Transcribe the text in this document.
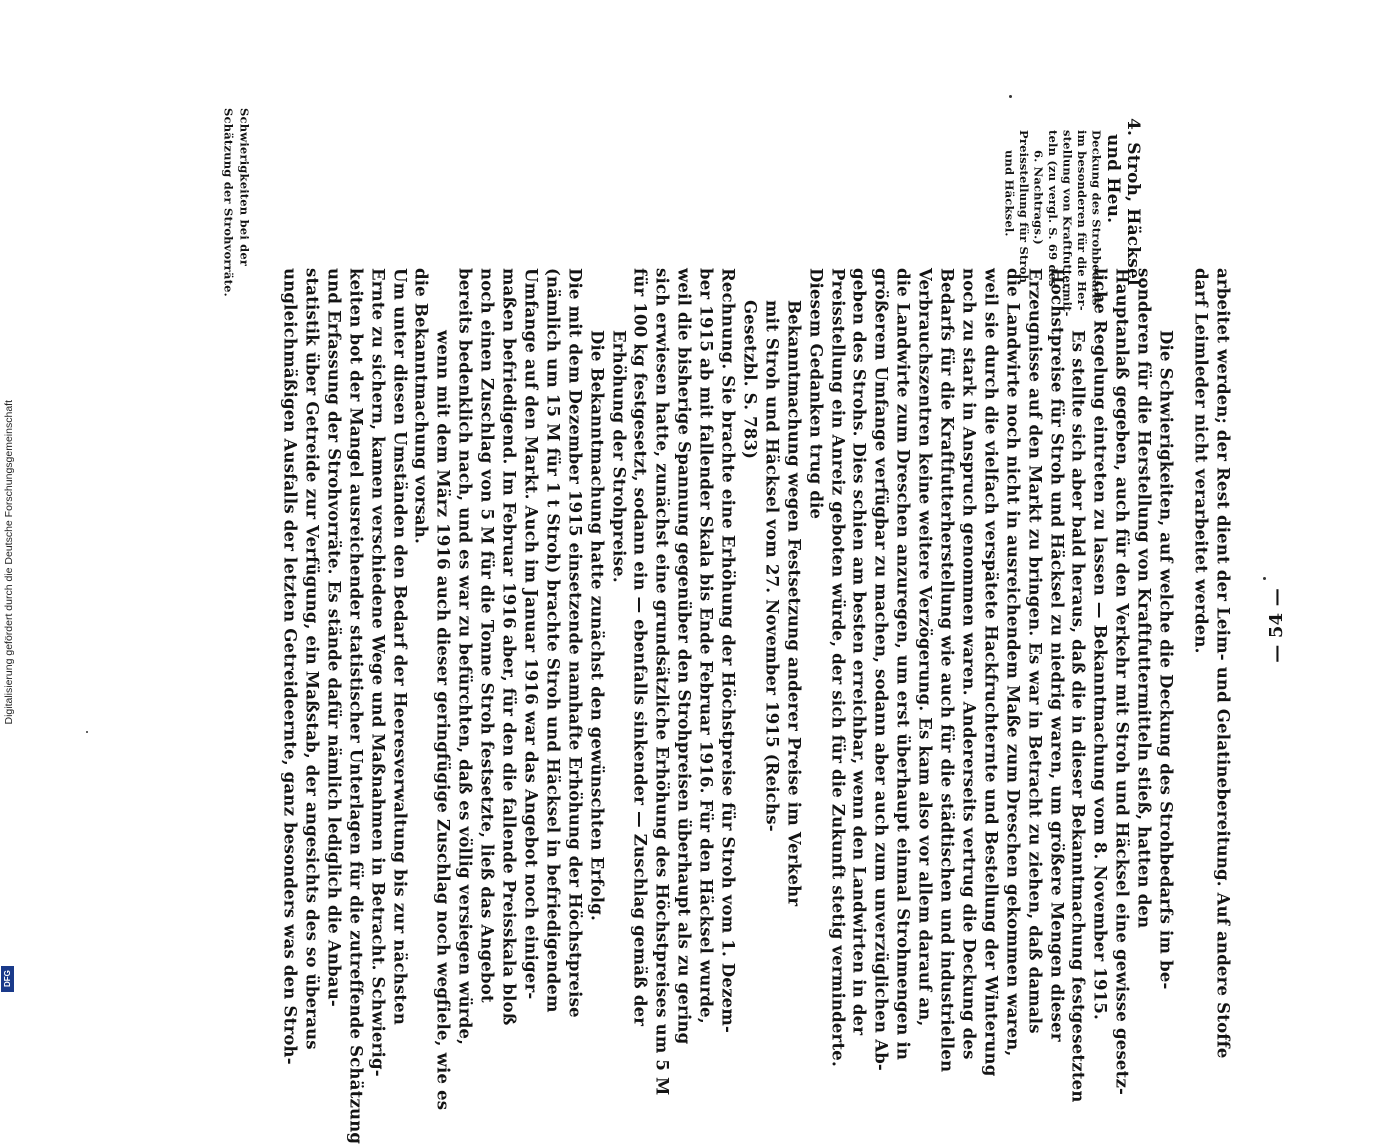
— 54 —
arbeitet werden; der Rest dient der Leim- und Gelatinebereitung. Auf andere Stoffe
darf Leimleder nicht verarbeitet werden.
Die Schwierigkeiten, auf welche die Deckung des Strohbedarfs im be-
sonderen für die Herstellung von Kraftfuttermitteln stieß, hatten den
Hauptanlaß gegeben, auch für den Verkehr mit Stroh und Häcksel eine gewisse gesetz-
liche Regelung eintreten zu lassen — Bekanntmachung vom 8. November 1915.
Es stellte sich aber bald heraus, daß die in dieser Bekanntmachung festgesetzten
Höchstpreise für Stroh und Häcksel zu niedrig waren, um größere Mengen dieser
Erzeugnisse auf den Markt zu bringen. Es war in Betracht zu ziehen, daß damals
die Landwirte noch nicht in ausreichendem Maße zum Dreschen gekommen waren,
weil sie durch die vielfach verspätete Hackfruchternte und Bestellung der Winterung
noch zu stark in Anspruch genommen waren. Andererseits vertrug die Deckung des
Bedarfs für die Kraftfutterherstellung wie auch für die städtischen und industriellen
Verbrauchszentren keine weitere Verzögerung. Es kam also vor allem darauf an,
die Landwirte zum Dreschen anzuregen, um erst überhaupt einmal Strohmengen in
größerem Umfange verfügbar zu machen, sodann aber auch zum unverzüglichen Ab-
geben des Strohs. Dies schien am besten erreichbar, wenn den Landwirten in der
Preisstellung ein Anreiz geboten würde, der sich für die Zukunft stetig verminderte.
Diesem Gedanken trug die
Bekanntmachung wegen Festsetzung anderer Preise im Verkehr
mit Stroh und Häcksel vom 27. November 1915 (Reichs-
Gesetzbl. S. 783)
Rechnung. Sie brachte eine Erhöhung der Höchstpreise für Stroh vom 1. Dezem-
ber 1915 ab mit fallender Skala bis Ende Februar 1916. Für den Häcksel wurde,
weil die bisherige Spannung gegenüber den Strohpreisen überhaupt als zu gering
sich erwiesen hatte, zunächst eine grundsätzliche Erhöhung des Höchstpreises um 5 M
für 100 kg festgesetzt, sodann ein — ebenfalls sinkender — Zuschlag gemäß der
Erhöhung der Strohpreise.
Die Bekanntmachung hatte zunächst den gewünschten Erfolg.
Die mit dem Dezember 1915 einsetzende namhafte Erhöhung der Höchstpreise
(nämlich um 15 M für 1 t Stroh) brachte Stroh und Häcksel in befriedigendem
Umfange auf den Markt. Auch im Januar 1916 war das Angebot noch einiger-
maßen befriedigend. Im Februar 1916 aber, für den die fallende Preisskala bloß
noch einen Zuschlag von 5 M für die Tonne Stroh festsetzte, ließ das Angebot
bereits bedenklich nach, und es war zu befürchten, daß es völlig versiegen würde,
wenn mit dem März 1916 auch dieser geringfügige Zuschlag noch wegfiele, wie es
die Bekanntmachung vorsah.
Um unter diesen Umständen den Bedarf der Heeresverwaltung bis zur nächsten
Ernte zu sichern, kamen verschiedene Wege und Maßnahmen in Betracht. Schwierig-
keiten bot der Mangel ausreichender statistischer Unterlagen für die zutreffende Schätzung
und Erfassung der Strohvorräte. Es stände dafür nämlich lediglich die Anbau-
statistik über Getreide zur Verfügung, ein Maßstab, der angesichts des so überaus
ungleichmäßigen Ausfalls der letzten Getreideernte, ganz besonders was den Stroh-
4. Stroh, Häcksel
und Heu.
Deckung des Strohbedarfs
im besonderen für die Her-
stellung von Kraftfuttermit-
teln (zu vergl. S. 69 des
6. Nachtrags.)
Preisstellung für Stroh
und Häcksel.
Schwierigkeiten bei der
Schätzung der Strohvorräte.
Digitalisierung gefördert durch die Deutsche Forschungsgemeinschaft
DFG
